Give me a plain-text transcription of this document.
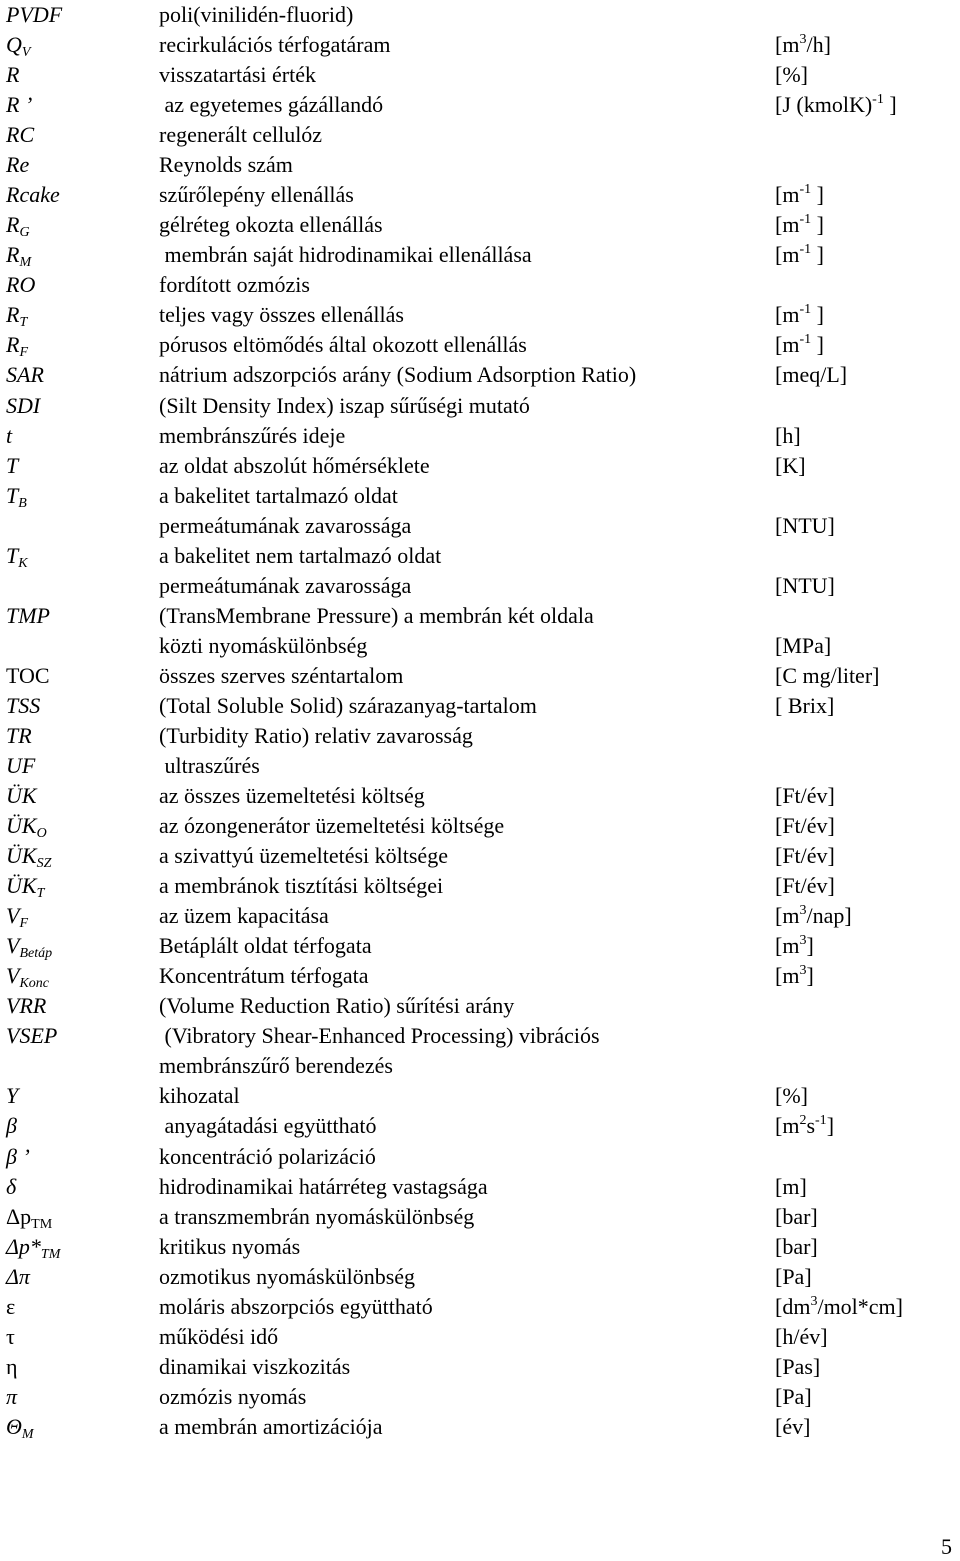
PVDF	poli(vinilidén-fluorid)
$Q_V$	recirkulációs térfogatáram	$[m^3/h]$
R	visszatartási érték	[%]
R ’	az egyetemes gázállandó	[J (kmolK)$^{-1}$ ]
RC	regenerált cellulóz
Re	Reynolds szám
Rcake	szűrőlepény ellenállás	[$m^{-1}$ ]
$R_G$	gélréteg okozta ellenállás	[$m^{-1}$ ]
$R_M$	membrán saját hidrodinamikai ellenállása	[$m^{-1}$ ]
RO	fordított ozmózis
$R_T$	teljes vagy összes ellenállás	[$m^{-1}$ ]
$R_F$	pórusos eltömődés által okozott ellenállás	[$m^{-1}$ ]
SAR	nátrium adszorpciós arány (Sodium Adsorption Ratio)	[meq/L]
SDI	(Silt Density Index) iszap sűrűségi mutató
t	membránszűrés ideje	[h]
T	az oldat abszolút hőmérséklete	[K]
$T_B$	a bakelitet tartalmazó oldat
permeátumának zavarossága	[NTU]
$T_K$	a bakelitet nem tartalmazó oldat
permeátumának zavarossága	[NTU]
TMP	(TransMembrane Pressure) a membrán két oldala
közti nyomáskülönbség	[MPa]
TOC	összes szerves széntartalom	[C mg/liter]
TSS	(Total Soluble Solid) szárazanyag-tartalom	[ Brix]
TR	(Turbidity Ratio) relativ zavarosság
UF	ultraszűrés
ÜK	az összes üzemeltetési költség	[Ft/év]
$ÜK_O$	az ózongenerátor üzemeltetési költsége	[Ft/év]
$ÜK_{SZ}$	a szivattyú üzemeltetési költsége	[Ft/év]
$ÜK_T$	a membránok tisztítási költségei	[Ft/év]
$V_F$	az üzem kapacitása	$[m^3/nap]$
$V_{Betáp}$	Betáplált oldat térfogata	$[m^3]$
$V_{Konc}$	Koncentrátum térfogata	$[m^3]$
VRR	(Volume Reduction Ratio) sűrítési arány
VSEP	(Vibratory Shear-Enhanced Processing) vibrációs
membránszűrő berendezés
Y	kihozatal	[%]
β	anyagátadási együttható	$[m^2s^{-1}]$
β ’	koncentráció polarizáció
δ	hidrodinamikai határréteg vastagsága	[m]
$\Delta p_{TM}$	a transzmembrán nyomáskülönbség	[bar]
$\Delta p*_{TM}$	kritikus nyomás	[bar]
Δπ	ozmotikus nyomáskülönbség	[Pa]
ε	moláris abszorpciós együttható	$[dm^3/mol*cm]$
τ	működési idő	[h/év]
η	dinamikai viszkozitás	[Pas]
π	ozmózis nyomás	[Pa]
$\Theta_M$	a membrán amortizációja	[év]
5
